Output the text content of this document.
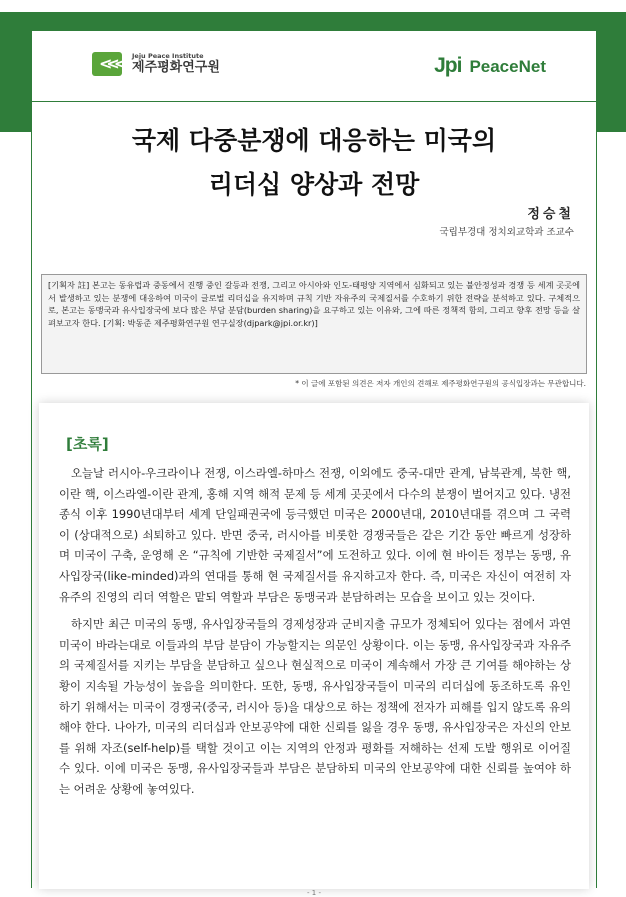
<<< Jeju Peace Institute
제주평화연구원	Jpi PeaceNet
국제 다중분쟁에 대응하는 미국의
리더십 양상과 전망
정승철
국립부경대 정치외교학과 조교수
[기획자 註] 본고는 동유럽과 중동에서 진행 중인 갈등과 전쟁, 그리고 아시아와 인도-태평양 지역에서 심화되고 있는 불안정성과 경쟁 등 세계 곳곳에서 발생하고 있는 분쟁에 대응하여 미국이 글로벌 리더십을 유지하며 규칙 기반 자유주의 국제질서를 수호하기 위한 전략을 분석하고 있다. 구체적으로, 본고는 동맹국과 유사입장국에 보다 많은 부담 분담(burden sharing)을 요구하고 있는 이유와, 그에 따른 정책적 함의, 그리고 향후 전망 등을 살펴보고자 한다. [기획: 박동준 제주평화연구원 연구실장(djpark@jpi.or.kr)]
* 이 글에 포함된 의견은 저자 개인의 견해로 제주평화연구원의 공식입장과는 무관합니다.
[초록]

오늘날 러시아-우크라이나 전쟁, 이스라엘-하마스 전쟁, 이외에도 중국-대만 관계, 남북관계, 북한 핵, 이란 핵, 이스라엘-이란 관계, 홍해 지역 해적 문제 등 세계 곳곳에서 다수의 분쟁이 벌어지고 있다. 냉전 종식 이후 1990년대부터 세계 단일패권국에 등극했던 미국은 2000년대, 2010년대를 겪으며 그 국력이 (상대적으로) 쇠퇴하고 있다. 반면 중국, 러시아를 비롯한 경쟁국들은 같은 기간 동안 빠르게 성장하며 미국이 구축, 운영해 온 “규칙에 기반한 국제질서”에 도전하고 있다. 이에 현 바이든 정부는 동맹, 유사입장국(like-minded)과의 연대를 통해 현 국제질서를 유지하고자 한다. 즉, 미국은 자신이 여전히 자유주의 진영의 리더 역할은 맡되 역할과 부담은 동맹국과 분담하려는 모습을 보이고 있는 것이다.

하지만 최근 미국의 동맹, 유사입장국들의 경제성장과 군비지출 규모가 정체되어 있다는 점에서 과연 미국이 바라는대로 이들과의 부담 분담이 가능할지는 의문인 상황이다. 이는 동맹, 유사입장국과 자유주의 국제질서를 지키는 부담을 분담하고 싶으나 현실적으로 미국이 계속해서 가장 큰 기여를 해야하는 상황이 지속될 가능성이 높음을 의미한다. 또한, 동맹, 유사입장국들이 미국의 리더십에 동조하도록 유인하기 위해서는 미국이 경쟁국(중국, 러시아 등)을 대상으로 하는 정책에 전자가 피해를 입지 않도록 유의해야 한다. 나아가, 미국의 리더십과 안보공약에 대한 신뢰를 잃을 경우 동맹, 유사입장국은 자신의 안보를 위해 자조(self-help)를 택할 것이고 이는 지역의 안정과 평화를 저해하는 선제 도발 행위로 이어질 수 있다. 이에 미국은 동맹, 유사입장국들과 부담은 분담하되 미국의 안보공약에 대한 신뢰를 높여야 하는 어려운 상황에 놓여있다.

- 1 -
